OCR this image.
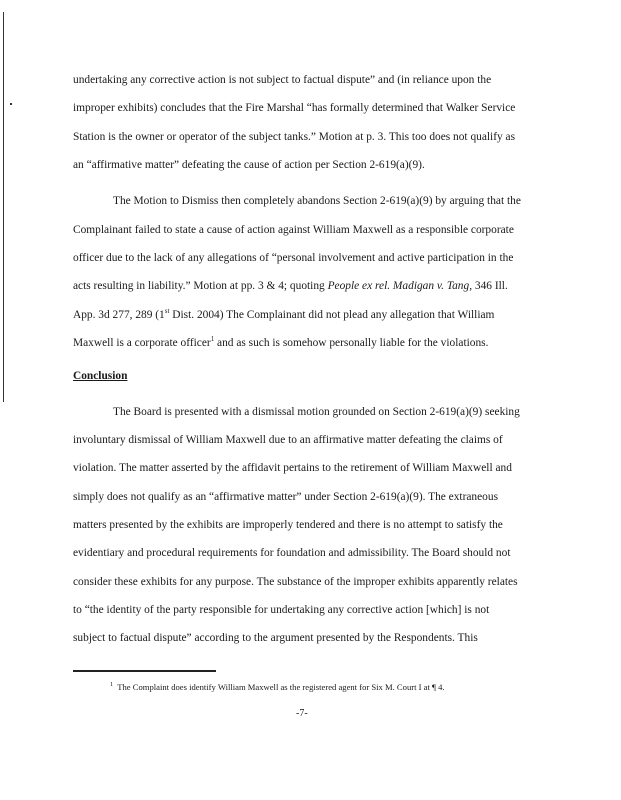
undertaking any corrective action is not subject to factual dispute” and (in reliance upon the
improper exhibits) concludes that the Fire Marshal “has formally determined that Walker Service
Station is the owner or operator of the subject tanks.” Motion at p. 3. This too does not qualify as
an “affirmative matter” defeating the cause of action per Section 2-619(a)(9).
The Motion to Dismiss then completely abandons Section 2-619(a)(9) by arguing that the
Complainant failed to state a cause of action against William Maxwell as a responsible corporate
officer due to the lack of any allegations of “personal involvement and active participation in the
acts resulting in liability.” Motion at pp. 3 & 4; quoting People ex rel. Madigan v. Tang, 346 Ill.
App. 3d 277, 289 (1st Dist. 2004) The Complainant did not plead any allegation that William
Maxwell is a corporate officer$^1$ and as such is somehow personally liable for the violations.
Conclusion
The Board is presented with a dismissal motion grounded on Section 2-619(a)(9) seeking
involuntary dismissal of William Maxwell due to an affirmative matter defeating the claims of
violation. The matter asserted by the affidavit pertains to the retirement of William Maxwell and
simply does not qualify as an “affirmative matter” under Section 2-619(a)(9). The extraneous
matters presented by the exhibits are improperly tendered and there is no attempt to satisfy the
evidentiary and procedural requirements for foundation and admissibility. The Board should not
consider these exhibits for any purpose. The substance of the improper exhibits apparently relates
to “the identity of the party responsible for undertaking any corrective action [which] is not
subject to factual dispute” according to the argument presented by the Respondents. This
$^1$ The Complaint does identify William Maxwell as the registered agent for Six M. Court I at ¶ 4.
-7-
